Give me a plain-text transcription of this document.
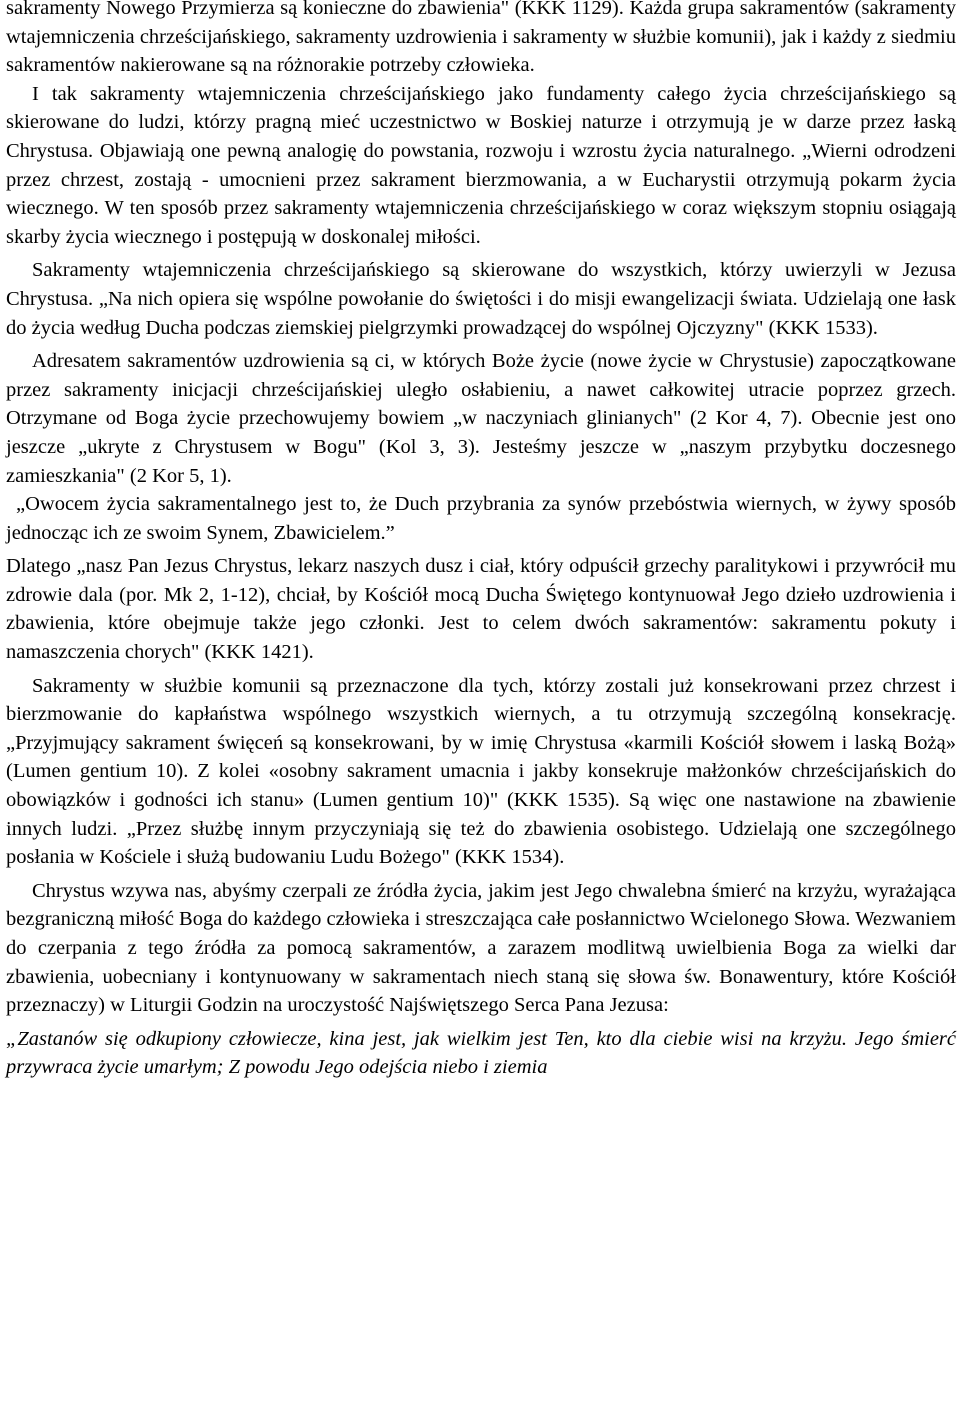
sakramenty Nowego Przymierza są konieczne do zbawienia" (KKK 1129). Każda grupa sakramentów (sakramenty wtajemniczenia chrześcijańskiego, sakramenty uzdrowienia i sakramenty w służbie komunii), jak i każdy z siedmiu sakramentów nakierowane są na różnorakie potrzeby człowieka.

I tak sakramenty wtajemniczenia chrześcijańskiego jako fundamenty całego życia chrześcijańskiego są skierowane do ludzi, którzy pragną mieć uczestnictwo w Boskiej naturze i otrzymują je w darze przez łaską Chrystusa. Objawiają one pewną analogię do powstania, rozwoju i wzrostu życia naturalnego. „Wierni odrodzeni przez chrzest, zostają - umocnieni przez sakrament bierzmowania, a w Eucharystii otrzymują pokarm życia wiecznego. W ten sposób przez sakramenty wtajemniczenia chrześcijańskiego w coraz większym stopniu osiągają skarby życia wiecznego i postępują w doskonalej miłości.

Sakramenty wtajemniczenia chrześcijańskiego są skierowane do wszystkich, którzy uwierzyli w Jezusa Chrystusa. „Na nich opiera się wspólne powołanie do świętości i do misji ewangelizacji świata. Udzielają one łask do życia według Ducha podczas ziemskiej pielgrzymki prowadzącej do wspólnej Ojczyzny" (KKK 1533).

Adresatem sakramentów uzdrowienia są ci, w których Boże życie (nowe życie w Chrystusie) zapoczątkowane przez sakramenty inicjacji chrześcijańskiej uległo osłabieniu, a nawet całkowitej utracie poprzez grzech. Otrzymane od Boga życie przechowujemy bowiem „w naczyniach glinianych" (2 Kor 4, 7). Obecnie jest ono jeszcze „ukryte z Chrystusem w Bogu" (Kol 3, 3). Jesteśmy jeszcze w „naszym przybytku doczesnego zamieszkania" (2 Kor 5, 1).

„Owocem życia sakramentalnego jest to, że Duch przybrania za synów przebóstwia wiernych, w żywy sposób jednocząc ich ze swoim Synem, Zbawicielem.”

Dlatego „nasz Pan Jezus Chrystus, lekarz naszych dusz i ciał, który odpuścił grzechy paralitykowi i przywrócił mu zdrowie dala (por. Mk 2, 1-12), chciał, by Kościół mocą Ducha Świętego kontynuował Jego dzieło uzdrowienia i zbawienia, które obejmuje także jego członki. Jest to celem dwóch sakramentów: sakramentu pokuty i namaszczenia chorych" (KKK 1421).

Sakramenty w służbie komunii są przeznaczone dla tych, którzy zostali już konsekrowani przez chrzest i bierzmowanie do kapłaństwa wspólnego wszystkich wiernych, a tu otrzymują szczególną konsekrację. „Przyjmujący sakrament święceń są konsekrowani, by w imię Chrystusa «karmili Kościół słowem i laską Bożą» (Lumen gentium 10). Z kolei «osobny sakrament umacnia i jakby konsekruje małżonków chrześcijańskich do obowiązków i godności ich stanu» (Lumen gentium 10)" (KKK 1535). Są więc one nastawione na zbawienie innych ludzi. „Przez służbę innym przyczyniają się też do zbawienia osobistego. Udzielają one szczególnego posłania w Kościele i służą budowaniu Ludu Bożego" (KKK 1534).

Chrystus wzywa nas, abyśmy czerpali ze źródła życia, jakim jest Jego chwalebna śmierć na krzyżu, wyrażająca bezgraniczną miłość Boga do każdego człowieka i streszczająca całe posłannictwo Wcielonego Słowa. Wezwaniem do czerpania z tego źródła za pomocą sakramentów, a zarazem modlitwą uwielbienia Boga za wielki dar zbawienia, uobecniany i kontynuowany w sakramentach niech staną się słowa św. Bonawentury, które Kościół przeznaczy) w Liturgii Godzin na uroczystość Najświętszego Serca Pana Jezusa:

„Zastanów się odkupiony człowiecze, kina jest, jak wielkim jest Ten, kto dla ciebie wisi na krzyżu. Jego śmierć przywraca życie umarłym; Z powodu Jego odejścia niebo i ziemia
